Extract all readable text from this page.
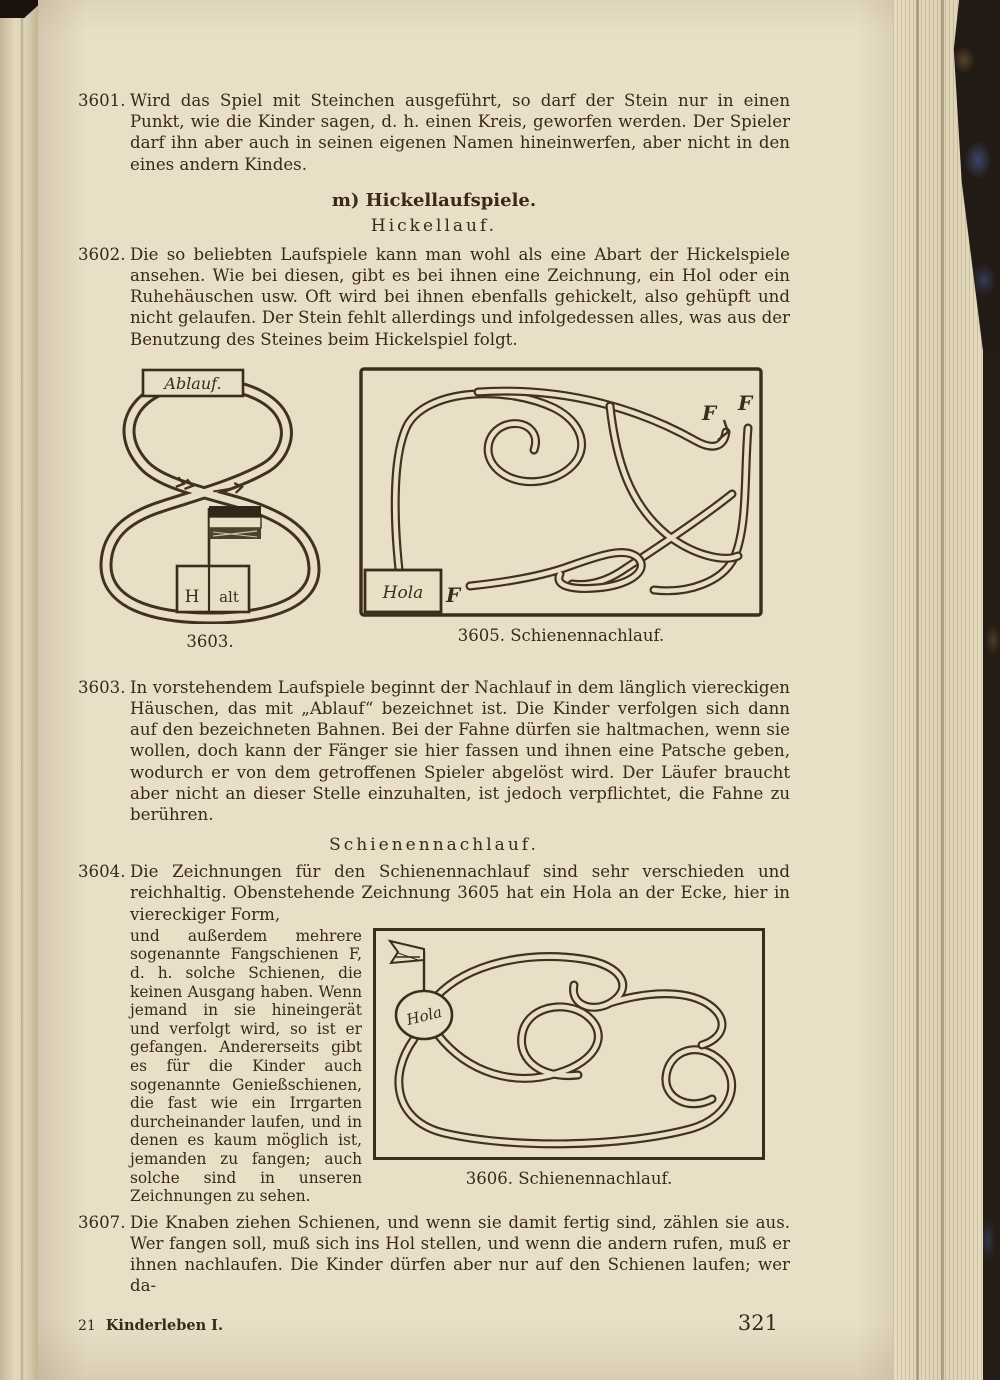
3601. Wird das Spiel mit Steinchen ausgeführt, so darf der Stein nur in einen Punkt, wie die Kinder sagen, d. h. einen Kreis, geworfen werden. Der Spieler darf ihn aber auch in seinen eigenen Namen hineinwerfen, aber nicht in den eines andern Kindes.
m) Hickellaufspiele.
Hickellauf.
3602. Die so beliebten Laufspiele kann man wohl als eine Abart der Hickelspiele ansehen. Wie bei diesen, gibt es bei ihnen eine Zeichnung, ein Hol oder ein Ruhehäuschen usw. Oft wird bei ihnen ebenfalls gehickelt, also gehüpft und nicht gelaufen. Der Stein fehlt allerdings und infolgedessen alles, was aus der Benutzung des Steines beim Hickelspiel folgt.
Ablauf.
H alt
3603.
F F
F
Hola
3605. Schienennachlauf.
3603. In vorstehendem Laufspiele beginnt der Nachlauf in dem länglich viereckigen Häuschen, das mit „Ablauf“ bezeichnet ist. Die Kinder verfolgen sich dann auf den bezeichneten Bahnen. Bei der Fahne dürfen sie haltmachen, wenn sie wollen, doch kann der Fänger sie hier fassen und ihnen eine Patsche geben, wodurch er von dem getroffenen Spieler abgelöst wird. Der Läufer braucht aber nicht an dieser Stelle einzuhalten, ist jedoch verpflichtet, die Fahne zu berühren.
Schienennachlauf.
3604. Die Zeichnungen für den Schienennachlauf sind sehr verschieden und reichhaltig. Obenstehende Zeichnung 3605 hat ein Hola an der Ecke, hier in viereckiger Form,
und außerdem mehrere sogenannte Fangschienen F, d. h. solche Schienen, die keinen Ausgang haben. Wenn jemand in sie hineingerät und verfolgt wird, so ist er gefangen. Andererseits gibt es für die Kinder auch sogenannte Genießschienen, die fast wie ein Irrgarten durcheinander laufen, und in denen es kaum möglich ist, jemanden zu fangen; auch solche sind in unseren Zeichnungen zu sehen.
Hola
3606. Schienennachlauf.
3607. Die Knaben ziehen Schienen, und wenn sie damit fertig sind, zählen sie aus. Wer fangen soll, muß sich ins Hol stellen, und wenn die andern rufen, muß er ihnen nachlaufen. Die Kinder dürfen aber nur auf den Schienen laufen; wer da-
21 Kinderleben I.	321
